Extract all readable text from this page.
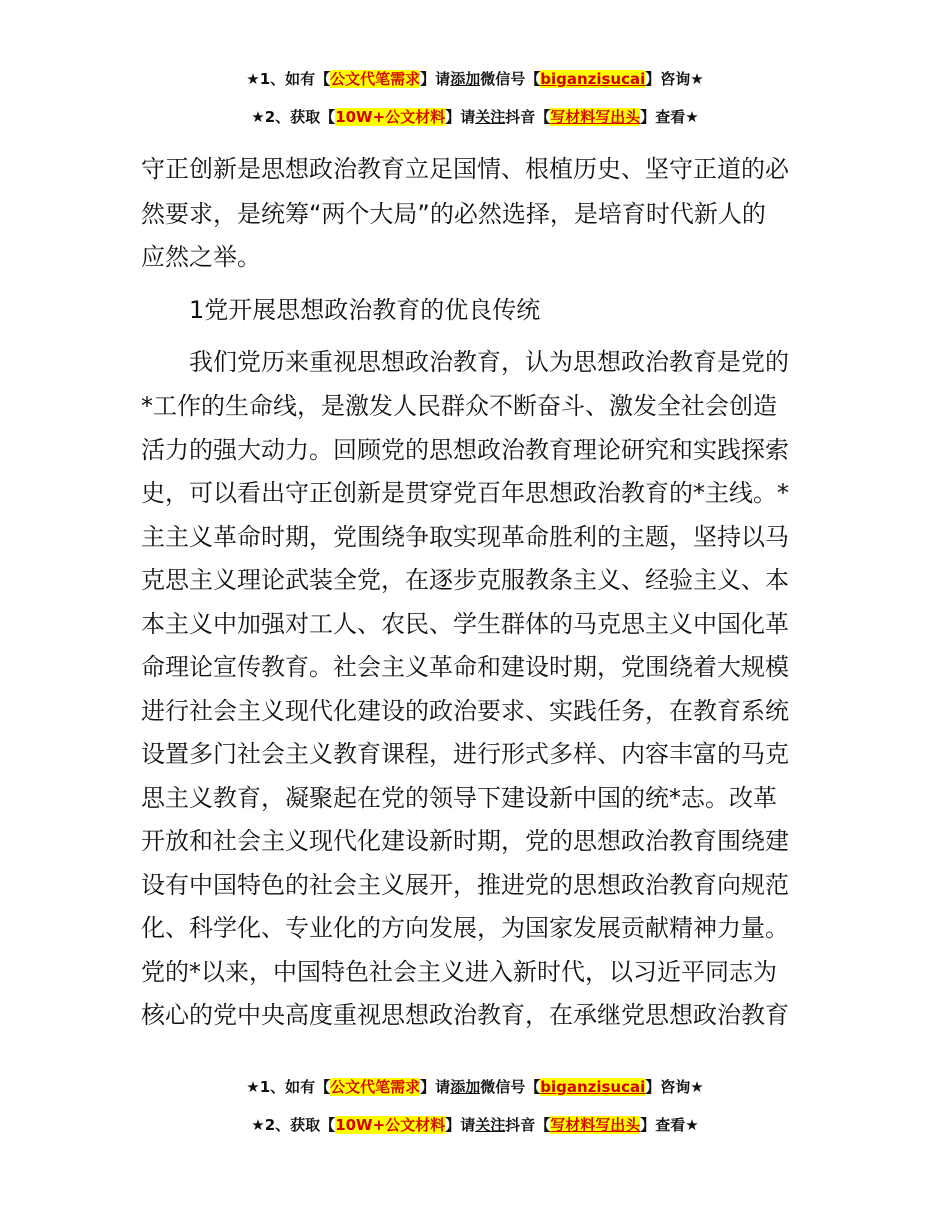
★1、如有【公文代笔需求】请添加微信号【biganzisucai】咨询★
★2、获取【10W+公文材料】请关注抖音【写材料写出头】查看★

守正创新是思想政治教育立足国情、根植历史、坚守正道的必

然要求，是统筹“两个大局”的必然选择，是培育时代新人的

应然之举。

1党开展思想政治教育的优良传统

我们党历来重视思想政治教育，认为思想政治教育是党的

*工作的生命线，是激发人民群众不断奋斗、激发全社会创造

活力的强大动力。回顾党的思想政治教育理论研究和实践探索

史，可以看出守正创新是贯穿党百年思想政治教育的*主线。*

主主义革命时期，党围绕争取实现革命胜利的主题，坚持以马

克思主义理论武装全党，在逐步克服教条主义、经验主义、本

本主义中加强对工人、农民、学生群体的马克思主义中国化革

命理论宣传教育。社会主义革命和建设时期，党围绕着大规模

进行社会主义现代化建设的政治要求、实践任务，在教育系统

设置多门社会主义教育课程，进行形式多样、内容丰富的马克

思主义教育，凝聚起在党的领导下建设新中国的统*志。改革

开放和社会主义现代化建设新时期，党的思想政治教育围绕建

设有中国特色的社会主义展开，推进党的思想政治教育向规范

化、科学化、专业化的方向发展，为国家发展贡献精神力量。

党的*以来，中国特色社会主义进入新时代，以习近平同志为

核心的党中央高度重视思想政治教育，在承继党思想政治教育

★1、如有【公文代笔需求】请添加微信号【biganzisucai】咨询★
★2、获取【10W+公文材料】请关注抖音【写材料写出头】查看★
